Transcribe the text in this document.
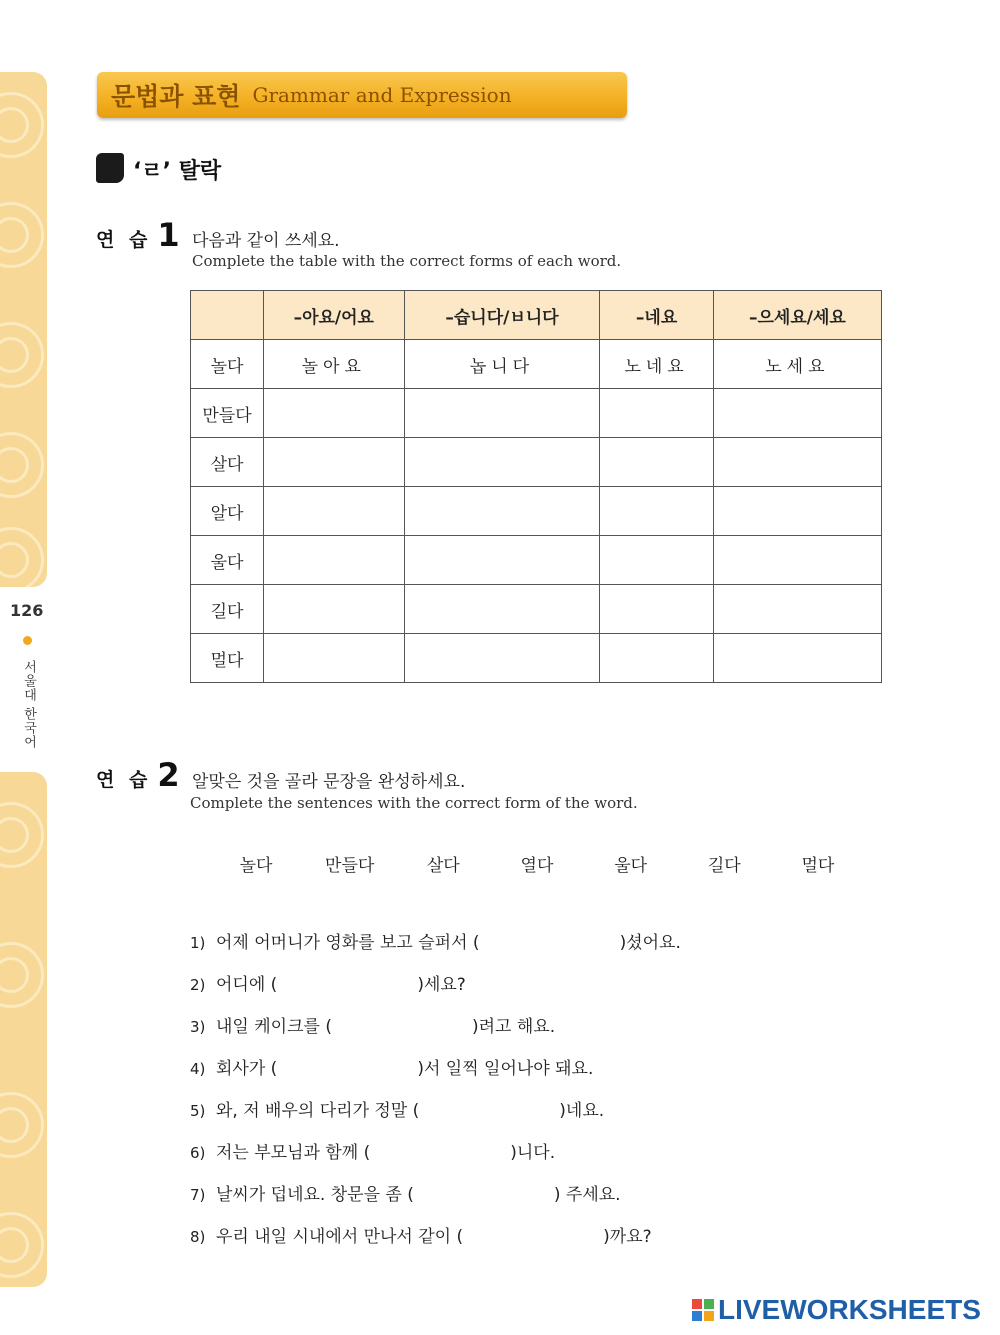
126
서울대 한국어
문법과 표현 Grammar and Expression
‘ㄹ’ 탈락
연 습 1 다음과 같이 쓰세요.
Complete the table with the correct forms of each word.
	–아요/어요	–습니다/ㅂ니다	–네요	–으세요/세요
놀다	놀아요	놉니다	노네요	노세요
만들다				
살다				
알다				
울다				
길다				
멀다				
연 습 2 알맞은 것을 골라 문장을 완성하세요.
Complete the sentences with the correct form of the word.
놀다	만들다	살다	열다	울다	길다	멀다
1) 어제 어머니가 영화를 보고 슬퍼서 (	)셨어요.
2) 어디에 (	)세요?
3) 내일 케이크를 (	)려고 해요.
4) 회사가 (	)서 일찍 일어나야 돼요.
5) 와, 저 배우의 다리가 정말 (	)네요.
6) 저는 부모님과 함께 (	)니다.
7) 날씨가 덥네요. 창문을 좀 (	) 주세요.
8) 우리 내일 시내에서 만나서 같이 (	)까요?
LIVEWORKSHEETS
